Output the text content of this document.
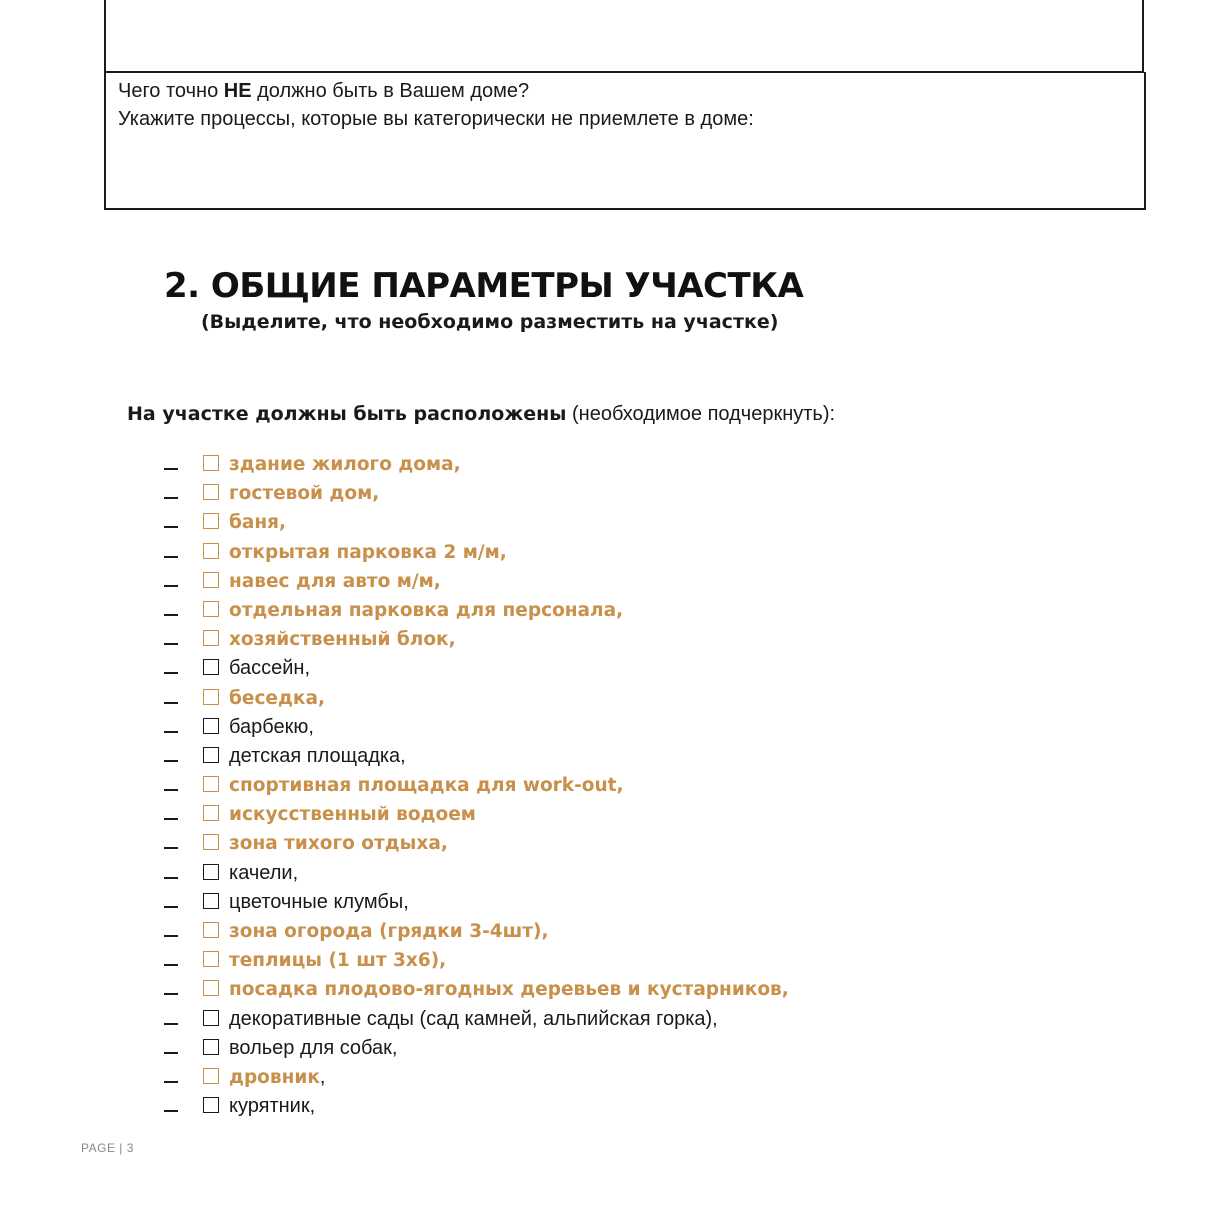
Чего точно НЕ должно быть в Вашем доме?
Укажите процессы, которые вы категорически не приемлете в доме:
2. ОБЩИЕ ПАРАМЕТРЫ УЧАСТКА
(Выделите, что необходимо разместить на участке)
На участке должны быть расположены (необходимое подчеркнуть):
здание жилого дома,
гостевой дом,
баня,
открытая парковка 2 м/м,
навес для авто м/м,
отдельная парковка для персонала,
хозяйственный блок,
бассейн,
беседка,
барбекю,
детская площадка,
спортивная площадка для work-out,
искусственный водоем
зона тихого отдыха,
качели,
цветочные клумбы,
зона огорода (грядки 3-4шт),
теплицы (1 шт 3х6),
посадка плодово-ягодных деревьев и кустарников,
декоративные сады (сад камней, альпийская горка),
вольер для собак,
дровник,
курятник,
PAGE | 3
